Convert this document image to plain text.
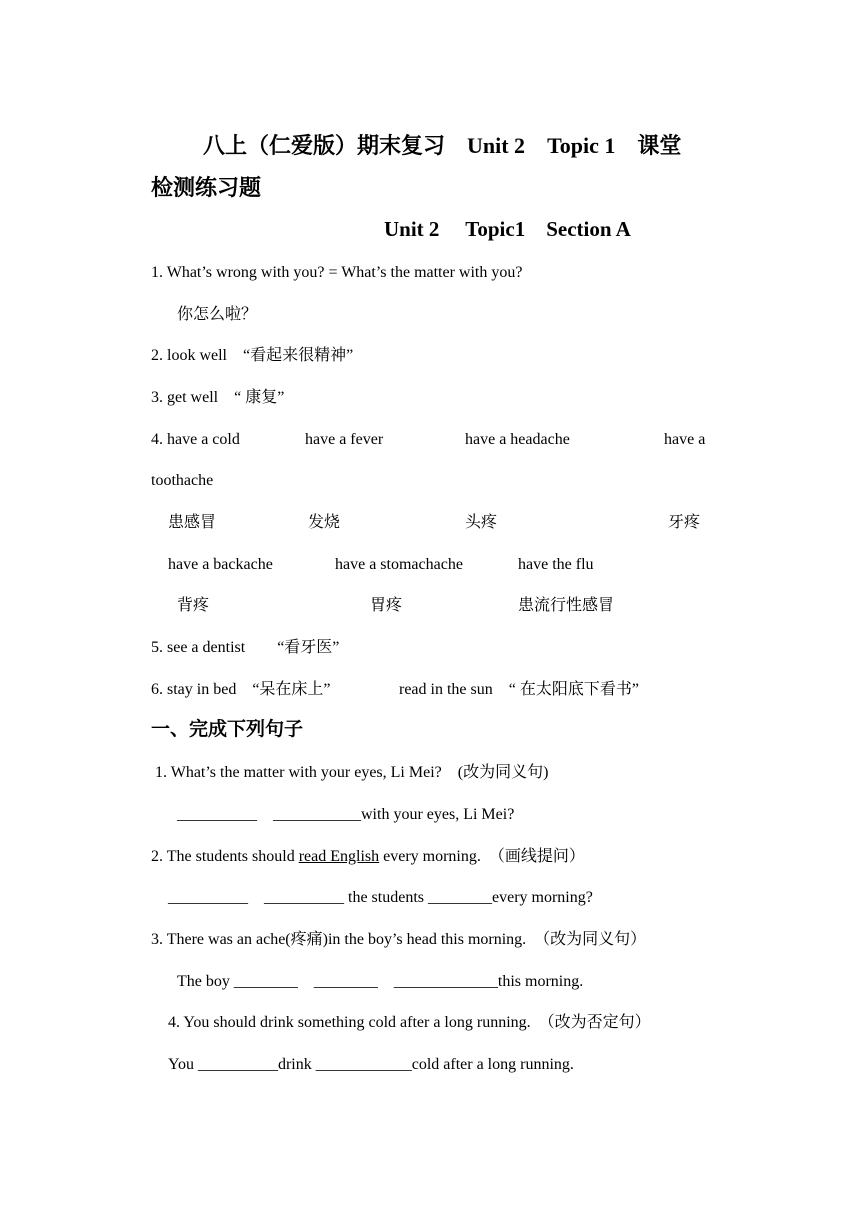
八上（仁爱版）期末复习　Unit 2　Topic 1　课堂
检测练习题
Unit 2　 Topic1　Section A
1. What’s wrong with you? = What’s the matter with you?
你怎么啦？
2. look well　“看起来很精神”
3. get well　“ 康复”
4. have a cold	have a fever	have a headache	have a
toothache
患感冒	发烧	头疼	牙疼
have a backache	have a stomachache	have the flu
背疼	胃疼	患流行性感冒
5. see a dentist　　“看牙医”
6. stay in bed　“呆在床上”	read in the sun　“ 在太阳底下看书”
一、完成下列句子
1. What’s the matter with your eyes, Li Mei?　(改为同义句)
__________　___________with your eyes, Li Mei?
2. The students should read English every morning.  （画线提问）
__________　__________ the students ________every morning?
3. There was an ache(疼痛)in the boy’s head this morning.  （改为同义句）
The boy ________　________　_____________this morning.
4. You should drink something cold after a long running.　（改为否定句）
You __________drink ____________cold after a long running.
